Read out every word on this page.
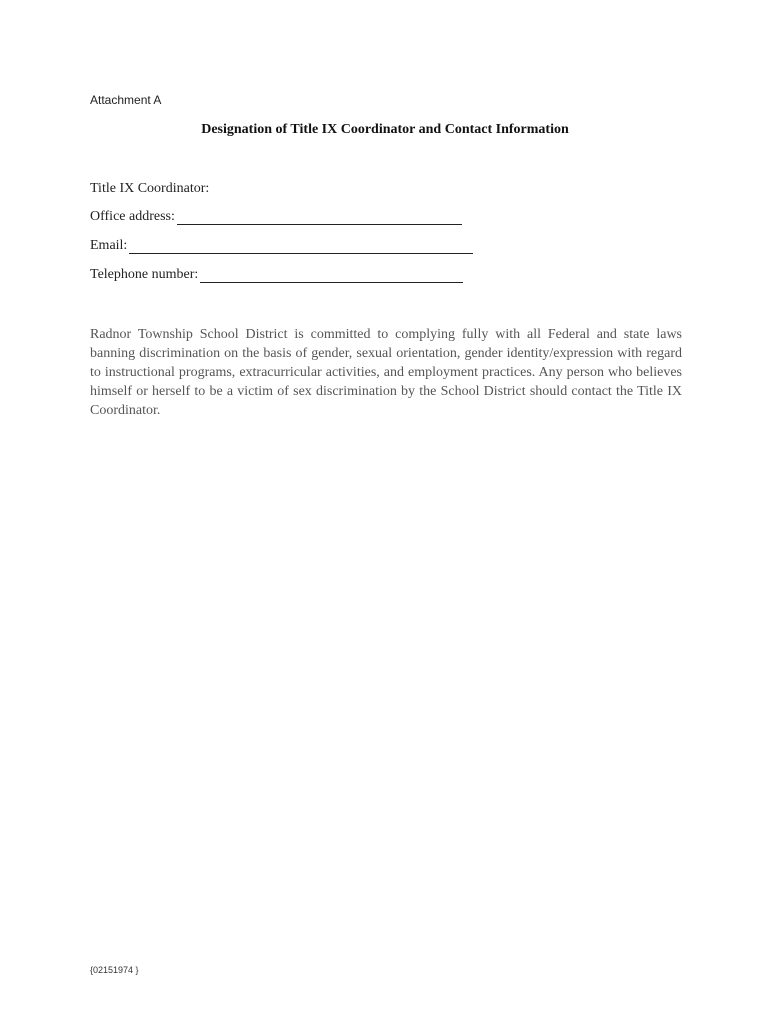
Attachment A
Designation of Title IX Coordinator and Contact Information
Title IX Coordinator:
Office address:
Email:
Telephone number:

Radnor Township School District is committed to complying fully with all Federal and state laws banning discrimination on the basis of gender, sexual orientation, gender identity/expression with regard to instructional programs, extracurricular activities, and employment practices. Any person who believes himself or herself to be a victim of sex discrimination by the School District should contact the Title IX Coordinator.

{02151974 }
